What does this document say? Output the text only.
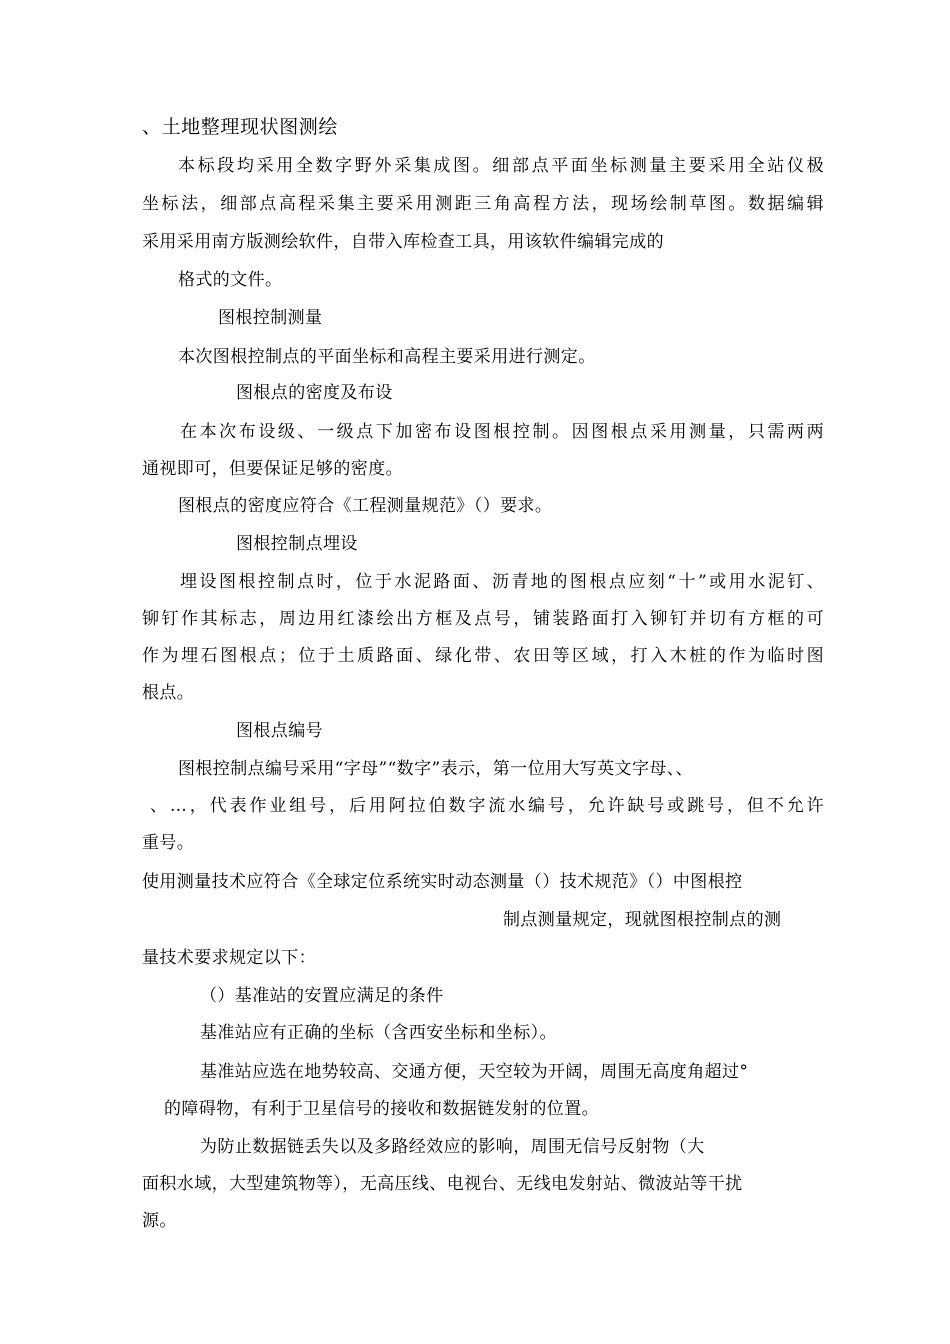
、土地整理现状图测绘
本标段均采用全数字野外采集成图。细部点平面坐标测量主要采用全站仪极
坐标法，细部点高程采集主要采用测距三角高程方法，现场绘制草图。数据编辑
采用采用南方版测绘软件，自带入库检查工具，用该软件编辑完成的
格式的文件。
图根控制测量
本次图根控制点的平面坐标和高程主要采用进行测定。
图根点的密度及布设
在本次布设级、一级点下加密布设图根控制。因图根点采用测量，只需两两
通视即可，但要保证足够的密度。
图根点的密度应符合《工程测量规范》（）要求。
图根控制点埋设
埋设图根控制点时，位于水泥路面、沥青地的图根点应刻“十”或用水泥钉、
铆钉作其标志，周边用红漆绘出方框及点号，铺装路面打入铆钉并切有方框的可
作为埋石图根点；位于土质路面、绿化带、农田等区域，打入木桩的作为临时图
根点。
图根点编号
图根控制点编号采用“字母”“数字”表示，第一位用大写英文字母、、
、…，代表作业组号，后用阿拉伯数字流水编号，允许缺号或跳号，但不允许
重号。
使用测量技术应符合《全球定位系统实时动态测量（）技术规范》（）中图根控
制点测量规定，现就图根控制点的测
量技术要求规定以下：
（）基准站的安置应满足的条件
基准站应有正确的坐标（含西安坐标和坐标）。
基准站应选在地势较高、交通方便，天空较为开阔，周围无高度角超过°
的障碍物，有利于卫星信号的接收和数据链发射的位置。
为防止数据链丢失以及多路经效应的影响，周围无信号反射物（大
面积水域，大型建筑物等），无高压线、电视台、无线电发射站、微波站等干扰
源。
